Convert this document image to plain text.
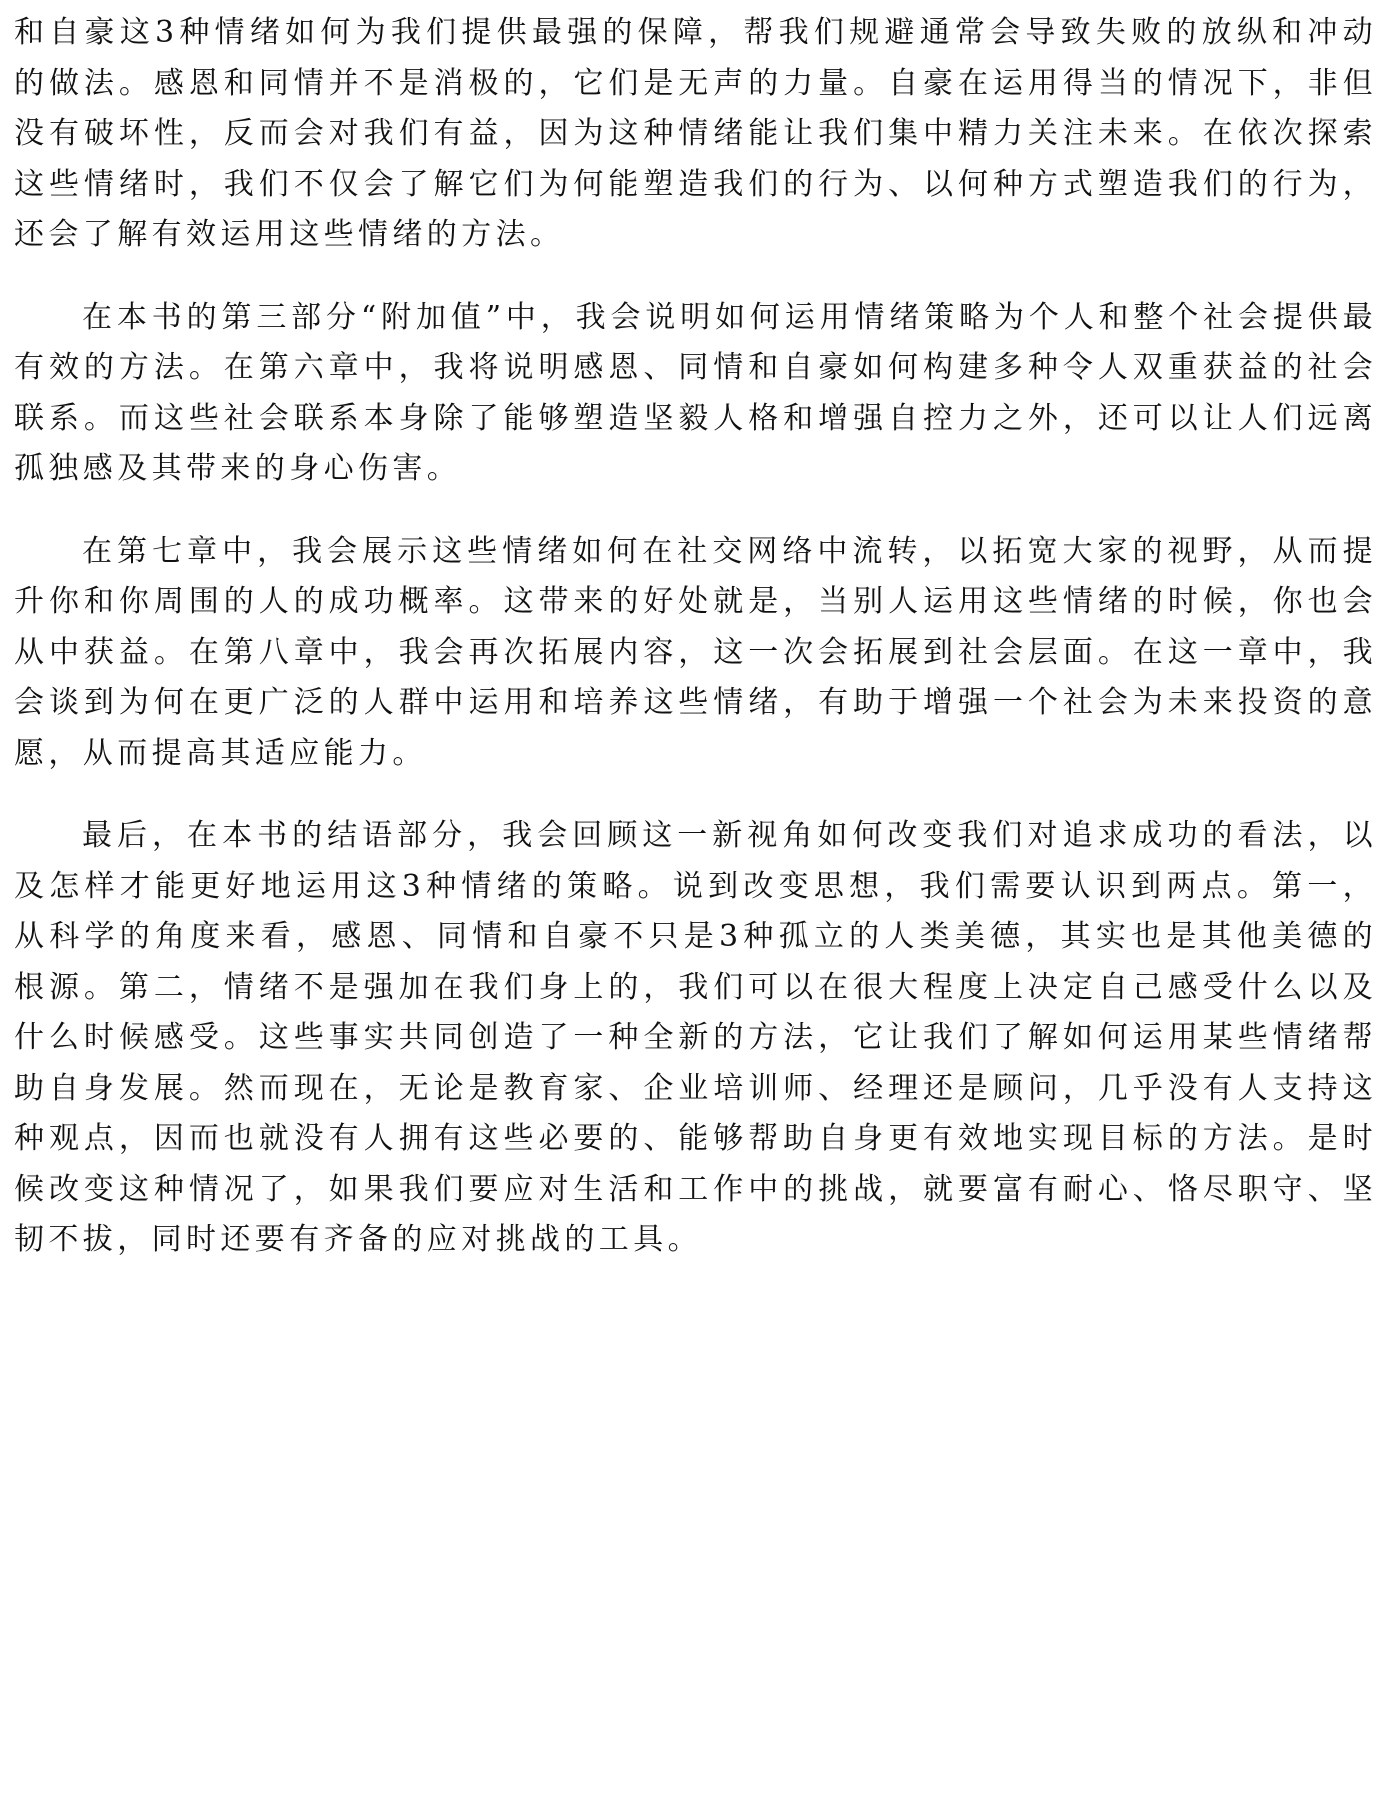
和自豪这3种情绪如何为我们提供最强的保障，帮我们规避通常会导致失败的放纵和冲动的做法。感恩和同情并不是消极的，它们是无声的力量。自豪在运用得当的情况下，非但没有破坏性，反而会对我们有益，因为这种情绪能让我们集中精力关注未来。在依次探索这些情绪时，我们不仅会了解它们为何能塑造我们的行为、以何种方式塑造我们的行为，还会了解有效运用这些情绪的方法。

在本书的第三部分“附加值”中，我会说明如何运用情绪策略为个人和整个社会提供最有效的方法。在第六章中，我将说明感恩、同情和自豪如何构建多种令人双重获益的社会联系。而这些社会联系本身除了能够塑造坚毅人格和增强自控力之外，还可以让人们远离孤独感及其带来的身心伤害。

在第七章中，我会展示这些情绪如何在社交网络中流转，以拓宽大家的视野，从而提升你和你周围的人的成功概率。这带来的好处就是，当别人运用这些情绪的时候，你也会从中获益。在第八章中，我会再次拓展内容，这一次会拓展到社会层面。在这一章中，我会谈到为何在更广泛的人群中运用和培养这些情绪，有助于增强一个社会为未来投资的意愿，从而提高其适应能力。

最后，在本书的结语部分，我会回顾这一新视角如何改变我们对追求成功的看法，以及怎样才能更好地运用这3种情绪的策略。说到改变思想，我们需要认识到两点。第一，从科学的角度来看，感恩、同情和自豪不只是3种孤立的人类美德，其实也是其他美德的根源。第二，情绪不是强加在我们身上的，我们可以在很大程度上决定自己感受什么以及什么时候感受。这些事实共同创造了一种全新的方法，它让我们了解如何运用某些情绪帮助自身发展。然而现在，无论是教育家、企业培训师、经理还是顾问，几乎没有人支持这种观点，因而也就没有人拥有这些必要的、能够帮助自身更有效地实现目标的方法。是时候改变这种情况了，如果我们要应对生活和工作中的挑战，就要富有耐心、恪尽职守、坚韧不拔，同时还要有齐备的应对挑战的工具。
